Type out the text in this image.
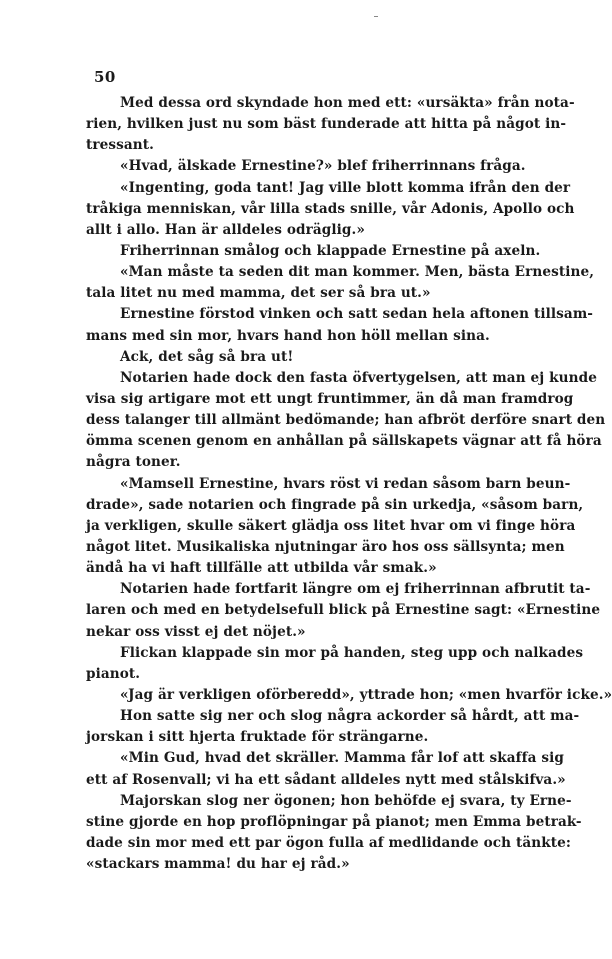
50
Med dessa ord skyndade hon med ett: «ursäkta» från nota-
rien, hvilken just nu som bäst funderade att hitta på något in-
tressant.
«Hvad, älskade Ernestine?» blef friherrinnans fråga.
«Ingenting, goda tant! Jag ville blott komma ifrån den der
tråkiga menniskan, vår lilla stads snille, vår Adonis, Apollo och
allt i allo. Han är alldeles odräglig.»
Friherrinnan smålog och klappade Ernestine på axeln.
«Man måste ta seden dit man kommer. Men, bästa Ernestine,
tala litet nu med mamma, det ser så bra ut.»
Ernestine förstod vinken och satt sedan hela aftonen tillsam-
mans med sin mor, hvars hand hon höll mellan sina.
Ack, det såg så bra ut!
Notarien hade dock den fasta öfvertygelsen, att man ej kunde
visa sig artigare mot ett ungt fruntimmer, än då man framdrog
dess talanger till allmänt bedömande; han afbröt derföre snart den
ömma scenen genom en anhållan på sällskapets vägnar att få höra
några toner.
«Mamsell Ernestine, hvars röst vi redan såsom barn beun-
drade», sade notarien och fingrade på sin urkedja, «såsom barn,
ja verkligen, skulle säkert glädja oss litet hvar om vi finge höra
något litet. Musikaliska njutningar äro hos oss sällsynta; men
ändå ha vi haft tillfälle att utbilda vår smak.»
Notarien hade fortfarit längre om ej friherrinnan afbrutit ta-
laren och med en betydelsefull blick på Ernestine sagt: «Ernestine
nekar oss visst ej det nöjet.»
Flickan klappade sin mor på handen, steg upp och nalkades
pianot.
«Jag är verkligen oförberedd», yttrade hon; «men hvarför icke.»
Hon satte sig ner och slog några ackorder så hårdt, att ma-
jorskan i sitt hjerta fruktade för strängarne.
«Min Gud, hvad det skräller. Mamma får lof att skaffa sig
ett af Rosenvall; vi ha ett sådant alldeles nytt med stålskifva.»
Majorskan slog ner ögonen; hon behöfde ej svara, ty Erne-
stine gjorde en hop proflöpningar på pianot; men Emma betrak-
dade sin mor med ett par ögon fulla af medlidande och tänkte:
«stackars mamma! du har ej råd.»
